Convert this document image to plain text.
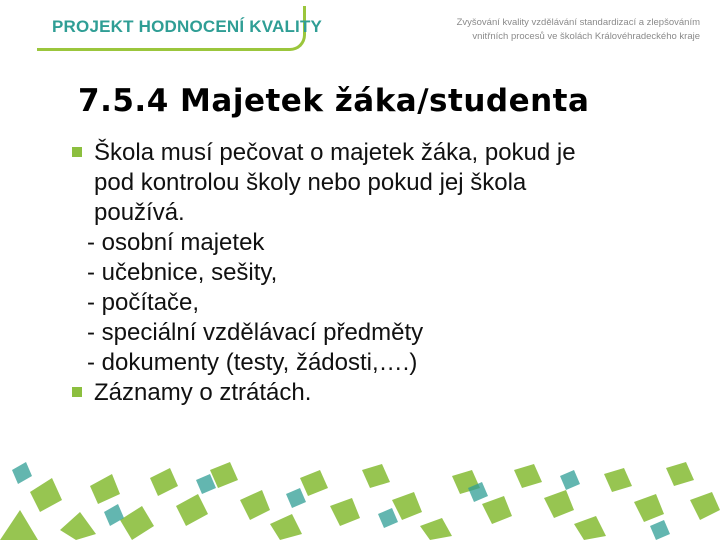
PROJEKT HODNOCENÍ KVALITY	Zvyšování kvality vzdělávání standardizací a zlepšováním
vnitřních procesů ve školách Královéhradeckého kraje
7.5.4 Majetek žáka/studenta
Škola musí pečovat o majetek žáka, pokud je
pod kontrolou školy nebo pokud jej škola
používá.
- osobní majetek
- učebnice, sešity,
- počítače,
- speciální vzdělávací předměty
- dokumenty (testy, žádosti,….)
Záznamy o ztrátách.
